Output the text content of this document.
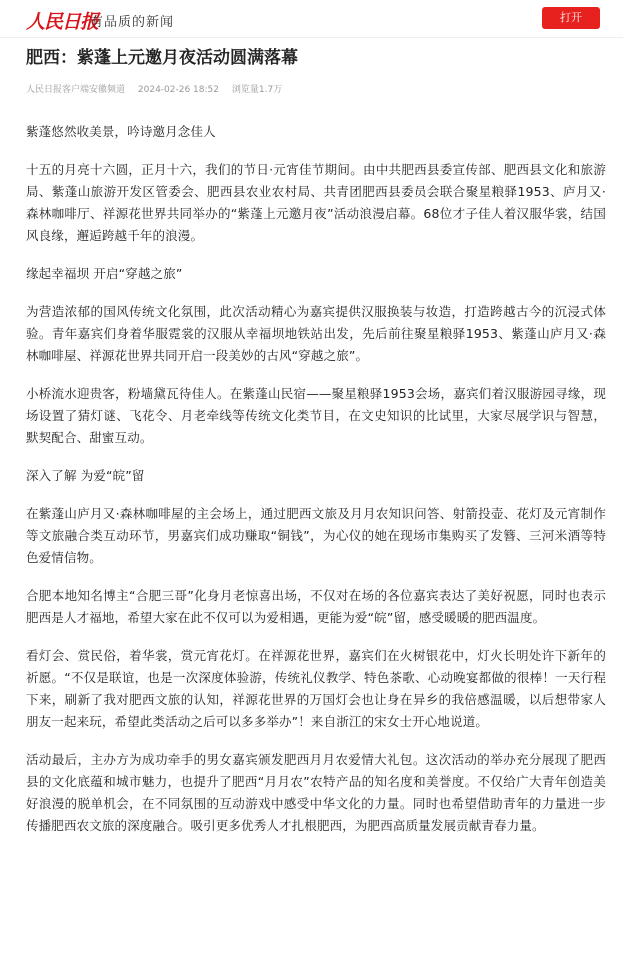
人民日报
有品质的新闻	打开
肥西：紫蓬上元邀月夜活动圆满落幕
人民日报客户端安徽频道 2024-02-26 18:52 浏览量1.7万

紫蓬悠然收美景，吟诗邀月念佳人

十五的月亮十六圆，正月十六，我们的节日·元宵佳节期间。由中共肥西县委宣传部、肥西县文化和旅游局、紫蓬山旅游开发区管委会、肥西县农业农村局、共青团肥西县委员会联合聚星粮驿1953、庐月又·森林咖啡厅、祥源花世界共同举办的“紫蓬上元邀月夜”活动浪漫启幕。68位才子佳人着汉服华裳，结国风良缘，邂逅跨越千年的浪漫。

缘起幸福坝 开启“穿越之旅”

为营造浓郁的国风传统文化氛围，此次活动精心为嘉宾提供汉服换装与妆造，打造跨越古今的沉浸式体验。青年嘉宾们身着华服霓裳的汉服从幸福坝地铁站出发，先后前往聚星粮驿1953、紫蓬山庐月又·森林咖啡屋、祥源花世界共同开启一段美妙的古风“穿越之旅”。

小桥流水迎贵客，粉墙黛瓦待佳人。在紫蓬山民宿——聚星粮驿1953会场，嘉宾们着汉服游园寻缘，现场设置了猜灯谜、飞花令、月老牵线等传统文化类节目，在文史知识的比试里，大家尽展学识与智慧，默契配合、甜蜜互动。

深入了解 为爱“皖”留

在紫蓬山庐月又·森林咖啡屋的主会场上，通过肥西文旅及月月农知识问答、射箭投壶、花灯及元宵制作等文旅融合类互动环节，男嘉宾们成功赚取“铜钱”，为心仪的她在现场市集购买了发簪、三河米酒等特色爱情信物。

合肥本地知名博主“合肥三哥”化身月老惊喜出场，不仅对在场的各位嘉宾表达了美好祝愿，同时也表示肥西是人才福地，希望大家在此不仅可以为爱相遇，更能为爱“皖”留，感受暖暖的肥西温度。

看灯会、赏民俗，着华裳，赏元宵花灯。在祥源花世界，嘉宾们在火树银花中，灯火长明处许下新年的祈愿。“不仅是联谊，也是一次深度体验游，传统礼仪教学、特色茶歌、心动晚宴都做的很棒！一天行程下来，刷新了我对肥西文旅的认知，祥源花世界的万国灯会也让身在异乡的我倍感温暖，以后想带家人朋友一起来玩，希望此类活动之后可以多多举办”！来自浙江的宋女士开心地说道。

活动最后，主办方为成功牵手的男女嘉宾颁发肥西月月农爱情大礼包。这次活动的举办充分展现了肥西县的文化底蕴和城市魅力，也提升了肥西“月月农”农特产品的知名度和美誉度。不仅给广大青年创造美好浪漫的脱单机会，在不同氛围的互动游戏中感受中华文化的力量。同时也希望借助青年的力量进一步传播肥西农文旅的深度融合。吸引更多优秀人才扎根肥西，为肥西高质量发展贡献青春力量。
